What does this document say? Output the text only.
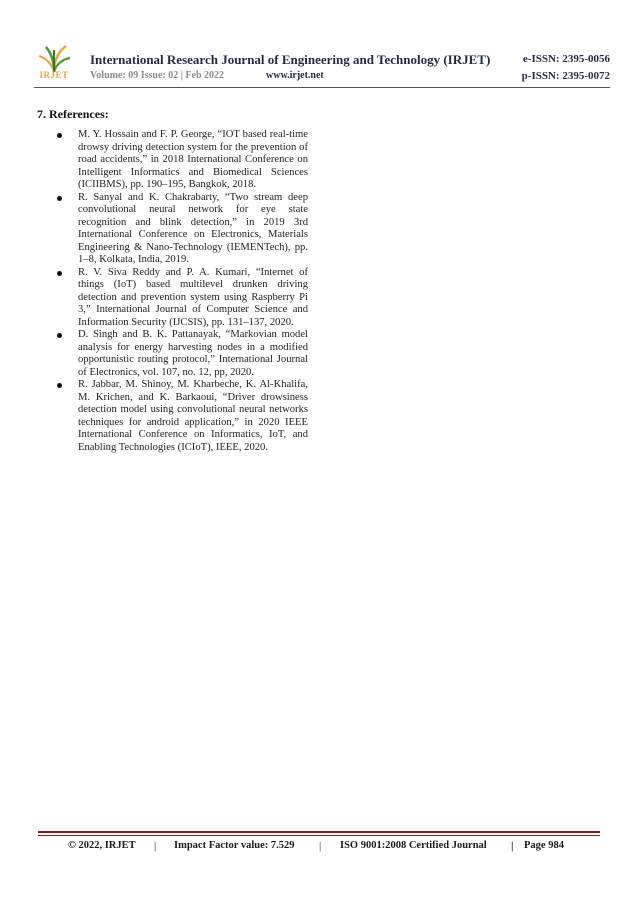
IRJET
International Research Journal of Engineering and Technology (IRJET)	e-ISSN: 2395-0056
Volume: 09 Issue: 02 | Feb 2022	www.irjet.net	p-ISSN: 2395-0072
7. References:
M. Y. Hossain and F. P. George, “IOT based real-time drowsy driving detection system for the prevention of road accidents,” in 2018 International Conference on Intelligent Informatics and Biomedical Sciences (ICIIBMS), pp. 190–195, Bangkok, 2018.
R. Sanyal and K. Chakrabarty, “Two stream deep convolutional neural network for eye state recognition and blink detection,” in 2019 3rd International Conference on Electronics, Materials Engineering & Nano-Technology (IEMENTech), pp. 1–8, Kolkata, India, 2019.
R. V. Siva Reddy and P. A. Kumari, “Internet of things (IoT) based multilevel drunken driving detection and prevention system using Raspberry Pi 3,” International Journal of Computer Science and Information Security (IJCSIS), pp. 131–137, 2020.
D. Singh and B. K. Pattanayak, “Markovian model analysis for energy harvesting nodes in a modified opportunistic routing protocol,” International Journal of Electronics, vol. 107, no. 12, pp, 2020.
R. Jabbar, M. Shinoy, M. Kharbeche, K. Al-Khalifa, M. Krichen, and K. Barkaoui, “Driver drowsiness detection model using convolutional neural networks techniques for android application,” in 2020 IEEE International Conference on Informatics, IoT, and Enabling Technologies (ICIoT), IEEE, 2020.
© 2022, IRJET	| Impact Factor value: 7.529	| ISO 9001:2008 Certified Journal	| Page 984
